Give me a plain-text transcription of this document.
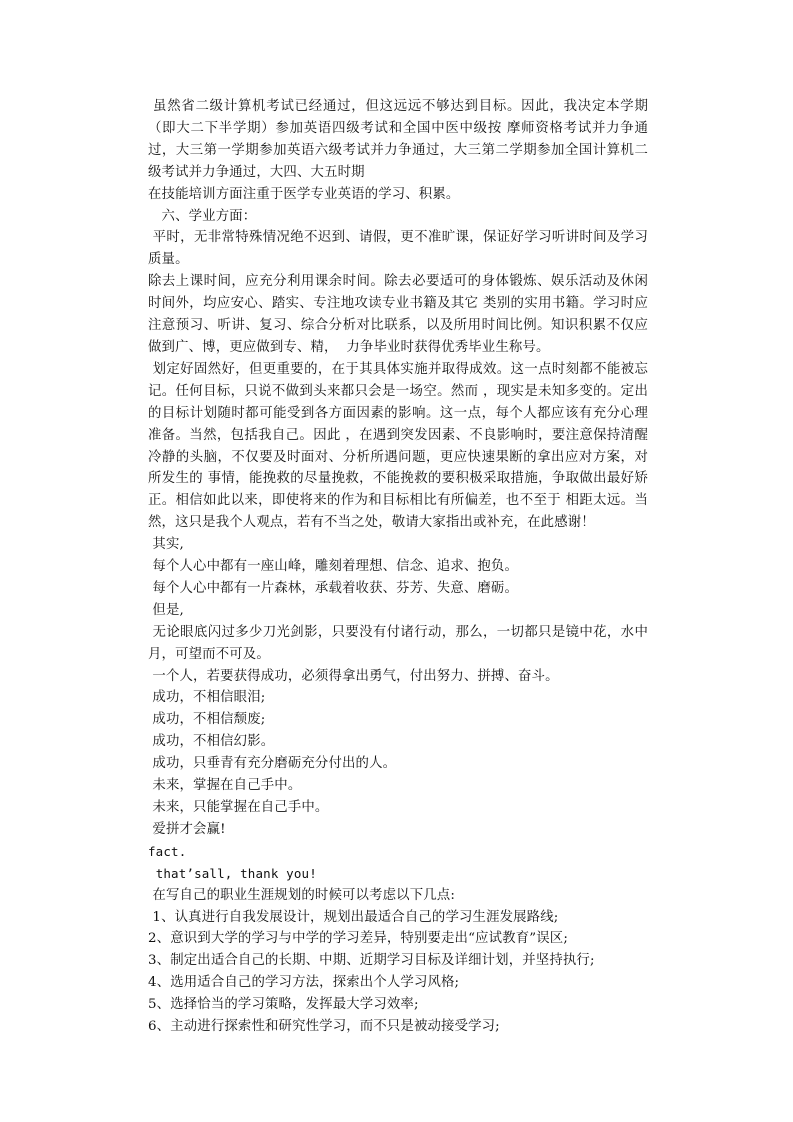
虽然省二级计算机考试已经通过，但这远远不够达到目标。因此，我决定本学期（即大二下半学期）参加英语四级考试和全国中医中级按 摩师资格考试并力争通过，大三第一学期参加英语六级考试并力争通过，大三第二学期参加全国计算机二级考试并力争通过，大四、大五时期

在技能培训方面注重于医学专业英语的学习、积累。

　六、学业方面：

平时，无非常特殊情况绝不迟到、请假，更不准旷课，保证好学习听讲时间及学习质量。

除去上课时间，应充分利用课余时间。除去必要适可的身体锻炼、娱乐活动及休闲时间外，均应安心、踏实、专注地攻读专业书籍及其它 类别的实用书籍。学习时应注意预习、听讲、复习、综合分析对比联系，以及所用时间比例。知识积累不仅应做到广、博，更应做到专、精，  力争毕业时获得优秀毕业生称号。

划定好固然好，但更重要的，在于其具体实施并取得成效。这一点时刻都不能被忘记。任何目标，只说不做到头来都只会是一场空。然而 ，现实是未知多变的。定出的目标计划随时都可能受到各方面因素的影响。这一点，每个人都应该有充分心理准备。当然，包括我自己。因此 ，在遇到突发因素、不良影响时，要注意保持清醒冷静的头脑，不仅要及时面对、分析所遇问题，更应快速果断的拿出应对方案，对所发生的 事情，能挽救的尽量挽救，不能挽救的要积极采取措施，争取做出最好矫正。相信如此以来，即使将来的作为和目标相比有所偏差，也不至于 相距太远。当然，这只是我个人观点，若有不当之处，敬请大家指出或补充，在此感谢！

其实,

每个人心中都有一座山峰，雕刻着理想、信念、追求、抱负。

每个人心中都有一片森林，承载着收获、芬芳、失意、磨砺。

但是,

无论眼底闪过多少刀光剑影，只要没有付诸行动，那么，一切都只是镜中花，水中月，可望而不可及。

一个人，若要获得成功，必须得拿出勇气，付出努力、拼搏、奋斗。

成功，不相信眼泪;

成功，不相信颓废;

成功，不相信幻影。

成功，只垂青有充分磨砺充分付出的人。

未来，掌握在自己手中。

未来，只能掌握在自己手中。

爱拼才会赢!

fact.

that’sall, thank you!

在写自己的职业生涯规划的时候可以考虑以下几点:

1、认真进行自我发展设计，规划出最适合自己的学习生涯发展路线;

2、意识到大学的学习与中学的学习差异，特别要走出“应试教育”误区;

3、制定出适合自己的长期、中期、近期学习目标及详细计划，并坚持执行;

4、选用适合自己的学习方法，探索出个人学习风格;

5、选择恰当的学习策略，发挥最大学习效率;

6、主动进行探索性和研究性学习，而不只是被动接受学习;
